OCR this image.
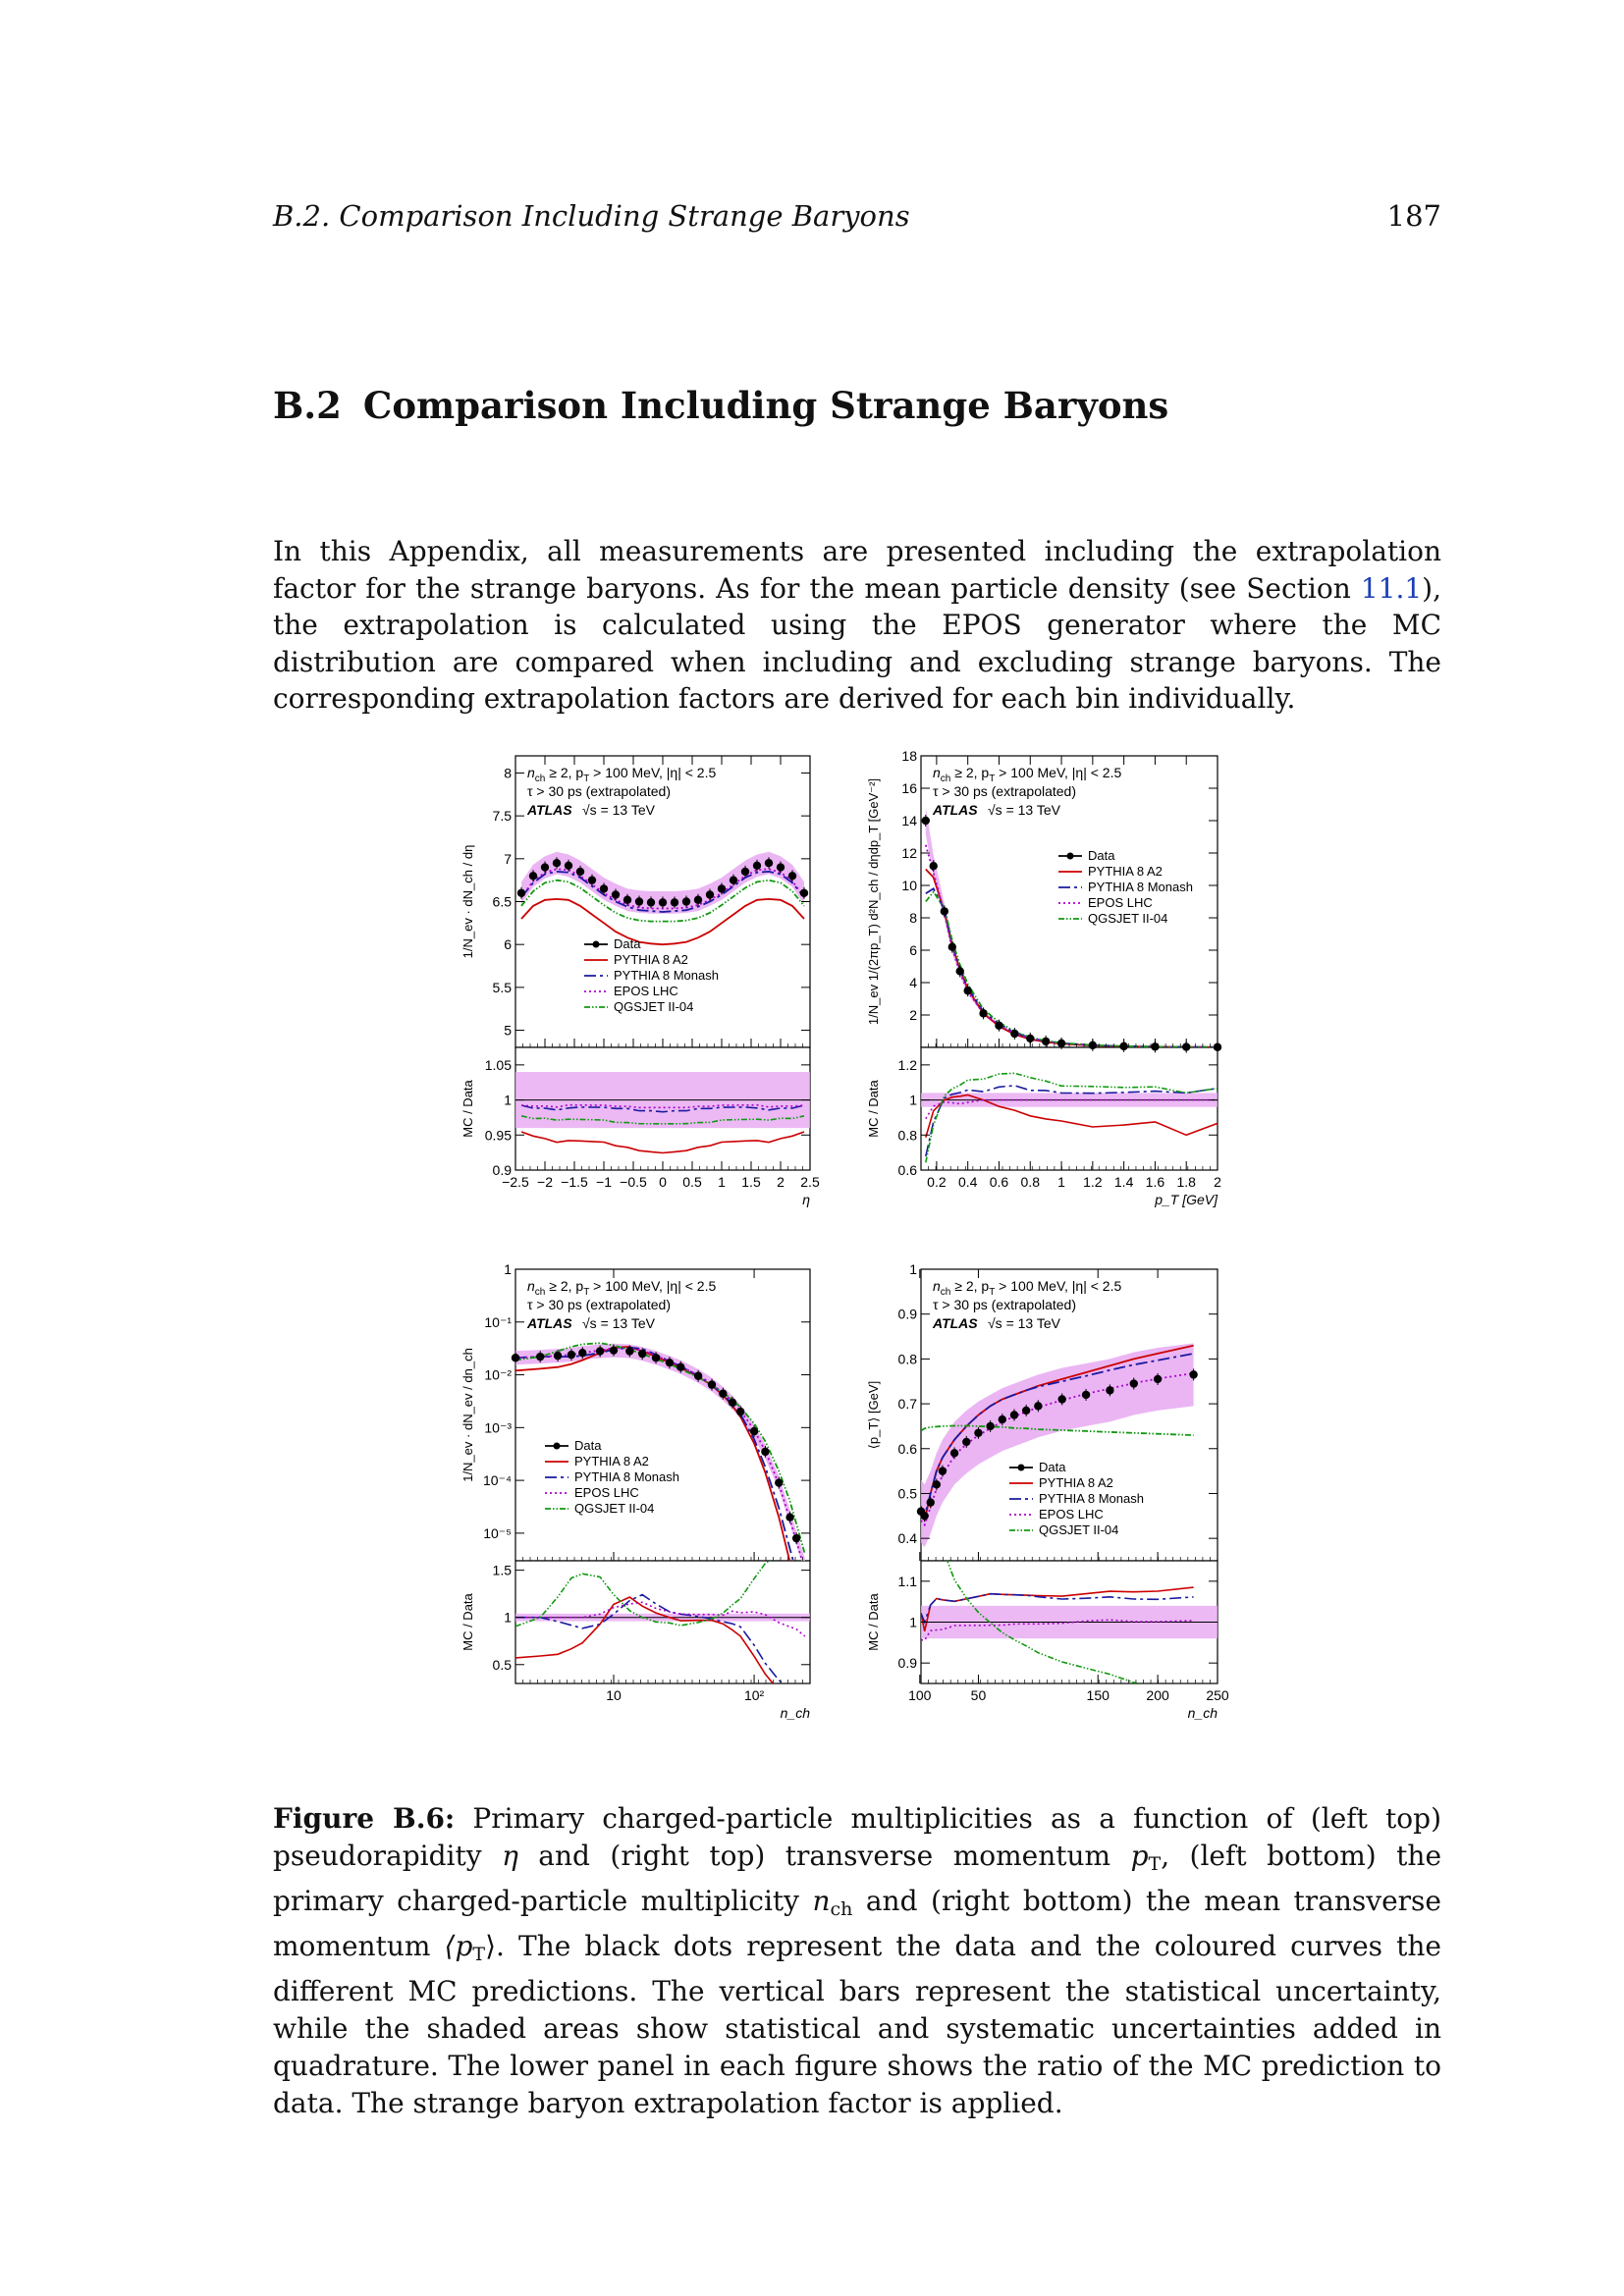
B.2. Comparison Including Strange Baryons	187
B.2 Comparison Including Strange Baryons
In this Appendix, all measurements are presented including the extrapolation factor for the strange baryons. As for the mean particle density (see Section 11.1), the extrapolation is calculated using the EPOS generator where the MC distribution are compared when including and excluding strange baryons. The corresponding extrapolation factors are derived for each bin individually.
−2.5 −2 −1.5 −1 −0.5 0 0.5 1 1.5 2 2.5
5
5.5
6
6.5
7
7.5
8
0.9
0.95
1
1.05
1/N_ev · dN_ch / dη
MC / Data
η
$n_{ch} \ge 2$, $p_T > 100$ MeV, |η| < 2.5
τ > 30 ps (extrapolated)
ATLAS √s = 13 TeV
Data
PYTHIA 8 A2
PYTHIA 8 Monash
EPOS LHC
QGSJET II-04
0.2 0.4 0.6 0.8 1 1.2 1.4 1.6 1.8 2
2
4
6
8
10
12
14
16
18
0.6
0.8
1
1.2
1/N_ev 1/(2πp_T) d²N_ch / dηdp_T [GeV⁻²]
MC / Data
p_T [GeV]
$n_{ch} \ge 2$, $p_T > 100$ MeV, |η| < 2.5
τ > 30 ps (extrapolated)
ATLAS √s = 13 TeV
Data
PYTHIA 8 A2
PYTHIA 8 Monash
EPOS LHC
QGSJET II-04
10	10²
10⁻⁵
10⁻⁴
10⁻³
10⁻²
10⁻¹
1
0.5
1
1.5
1/N_ev · dN_ev / dn_ch
MC / Data
n_ch
$n_{ch} \ge 2$, $p_T > 100$ MeV, |η| < 2.5
τ > 30 ps (extrapolated)
ATLAS √s = 13 TeV
Data
PYTHIA 8 A2
PYTHIA 8 Monash
EPOS LHC
QGSJET II-04
50
100	150	200	250
0.4
0.5
0.6
0.7
0.8
0.9
1
0.9
1
1.1
⟨p_T⟩ [GeV]
MC / Data
n_ch
$n_{ch} \ge 2$, $p_T > 100$ MeV, |η| < 2.5
τ > 30 ps (extrapolated)
ATLAS √s = 13 TeV
Data
PYTHIA 8 A2
PYTHIA 8 Monash
EPOS LHC
QGSJET II-04
Figure B.6: Primary charged-particle multiplicities as a function of (left top) pseudorapidity η and (right top) transverse momentum $p_T$, (left bottom) the primary charged-particle multiplicity $n_{ch}$ and (right bottom) the mean transverse momentum $⟨p_T⟩$. The black dots represent the data and the coloured curves the different MC predictions. The vertical bars represent the statistical uncertainty, while the shaded areas show statistical and systematic uncertainties added in quadrature. The lower panel in each figure shows the ratio of the MC prediction to data. The strange baryon extrapolation factor is applied.
